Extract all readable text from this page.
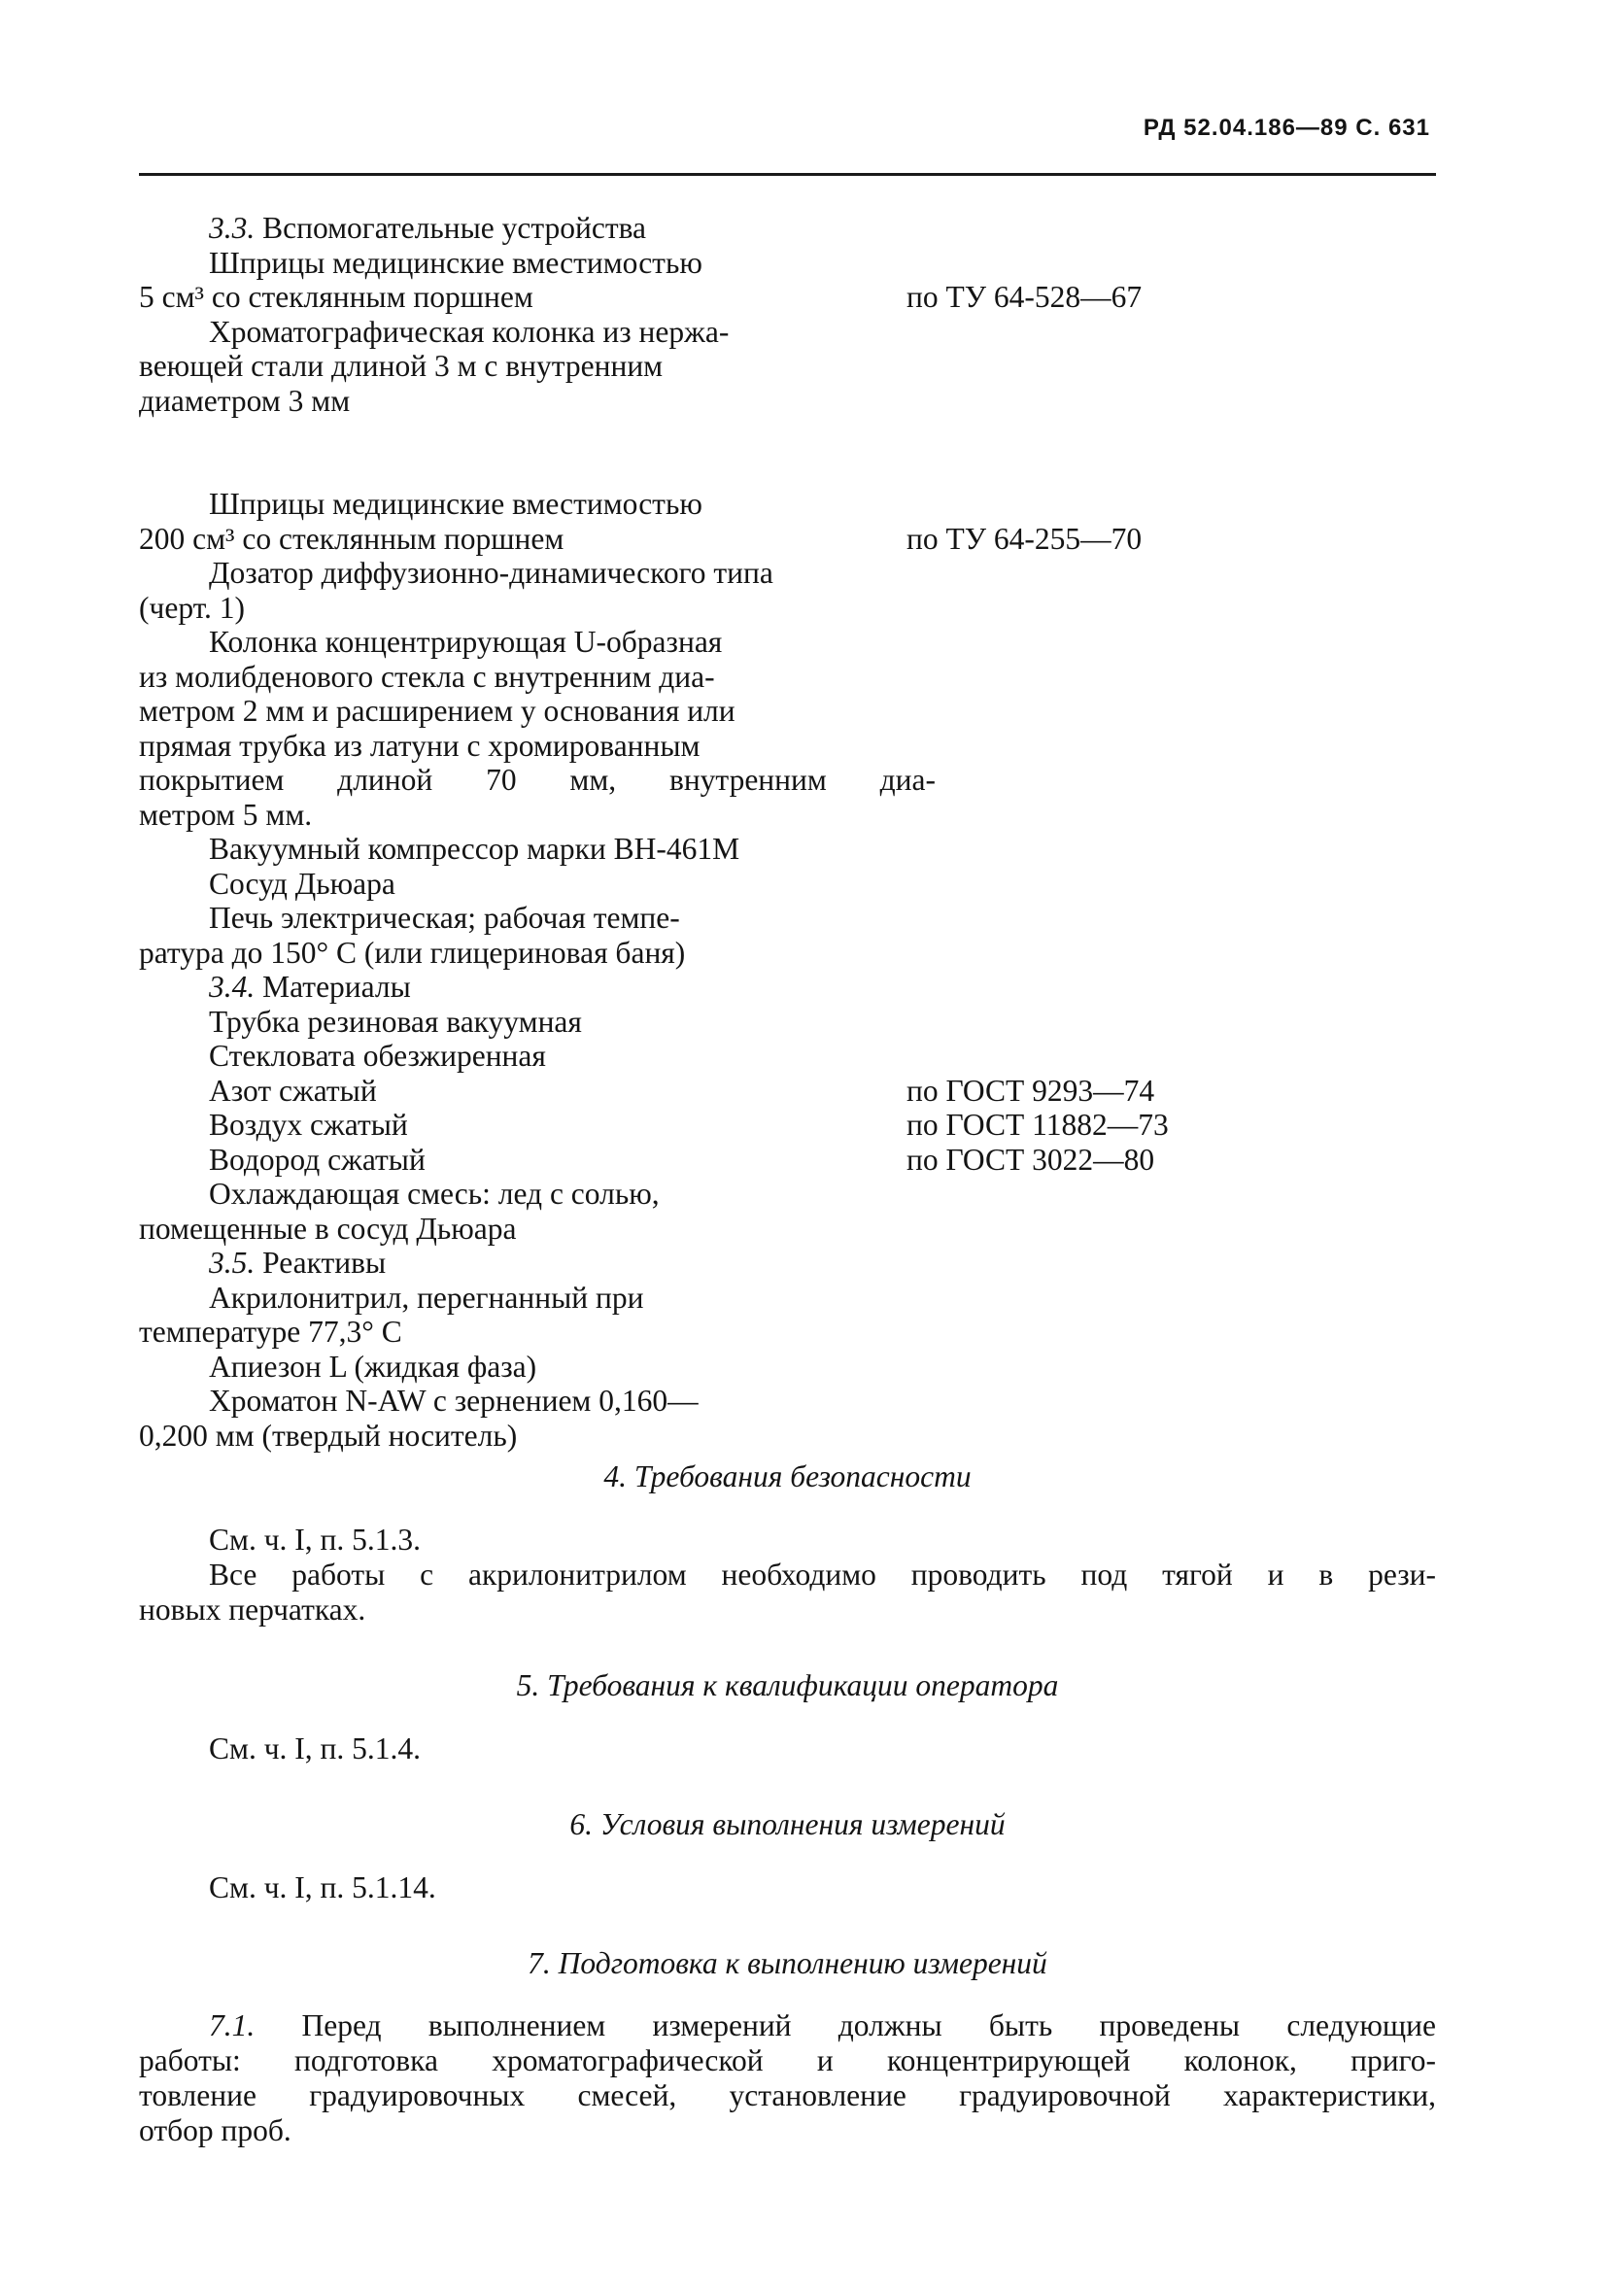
РД 52.04.186—89 С. 631
3.3. Вспомогательные устройства
Шприцы медицинские вместимостью
5 см³ со стеклянным поршнем
Хроматографическая колонка из нержа-
веющей стали длиной 3 м с внутренним
диаметром 3 мм
Шприцы медицинские вместимостью
200 см³ со стеклянным поршнем
Дозатор диффузионно-динамического типа
(черт. 1)
Колонка концентрирующая U-образная
из молибденового стекла с внутренним диа-
метром 2 мм и расширением у основания или
прямая трубка из латуни с хромированным
покрытием длиной 70 мм, внутренним диа-
метром 5 мм.
Вакуумный компрессор марки ВН-461М
Сосуд Дьюара
Печь электрическая; рабочая темпе-
ратура до 150° С (или глицериновая баня)
3.4. Материалы
Трубка резиновая вакуумная
Стекловата обезжиренная
Азот сжатый
Воздух сжатый
Водород сжатый
Охлаждающая смесь: лед с солью,
помещенные в сосуд Дьюара
3.5. Реактивы
Акрилонитрил, перегнанный при
температуре 77,3° С
Апиезон L (жидкая фаза)
Хроматон N-AW с зернением 0,160—
0,200 мм (твердый носитель)
по ТУ 64-528—67
по ТУ 64-255—70
по ГОСТ 9293—74
по ГОСТ 11882—73
по ГОСТ 3022—80
4. Требования безопасности
См. ч. I, п. 5.1.3.
Все работы с акрилонитрилом необходимо проводить под тягой и в рези-
новых перчатках.
5. Требования к квалификации оператора
См. ч. I, п. 5.1.4.
6. Условия выполнения измерений
См. ч. I, п. 5.1.14.
7. Подготовка к выполнению измерений
7.1. Перед выполнением измерений должны быть проведены следующие
работы: подготовка хроматографической и концентрирующей колонок, приго-
товление градуировочных смесей, установление градуировочной характеристики,
отбор проб.
